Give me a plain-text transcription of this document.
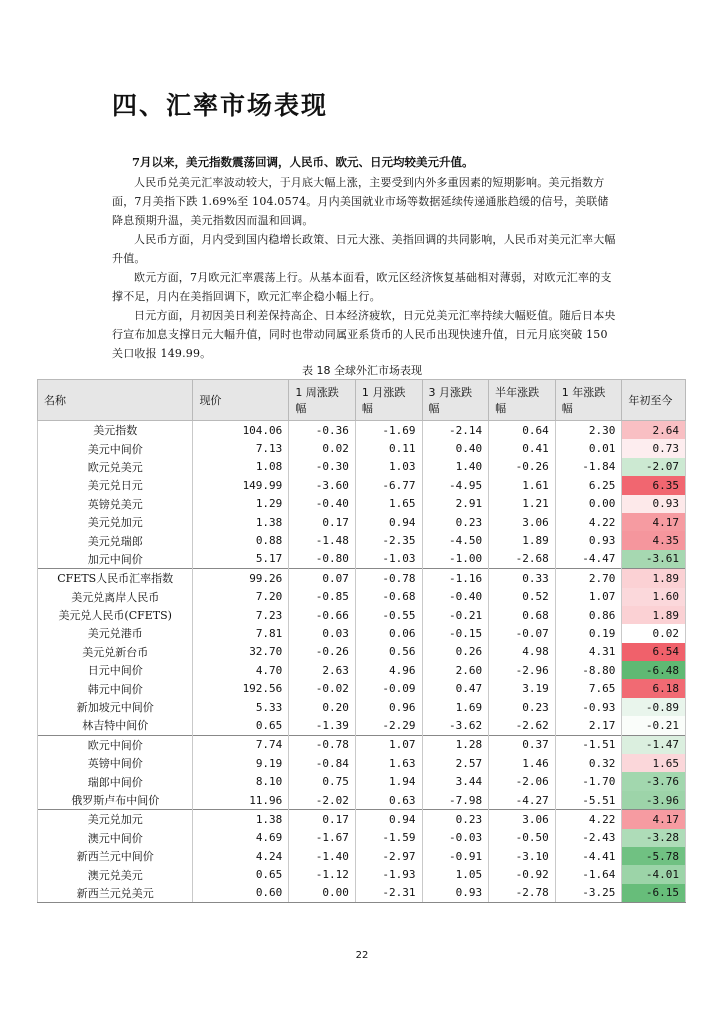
四、汇率市场表现

7月以来，美元指数震荡回调，人民币、欧元、日元均较美元升值。

人民币兑美元汇率波动较大，于月底大幅上涨，主要受到内外多重因素的短期影响。美元指数方面，7月美指下跌 1.69%至 104.0574。月内美国就业市场等数据延续传递通胀趋缓的信号，美联储降息预期升温，美元指数因而温和回调。

人民币方面，月内受到国内稳增长政策、日元大涨、美指回调的共同影响，人民币对美元汇率大幅升值。

欧元方面，7月欧元汇率震荡上行。从基本面看，欧元区经济恢复基础相对薄弱，对欧元汇率的支撑不足，月内在美指回调下，欧元汇率企稳小幅上行。

日元方面，月初因美日利差保持高企、日本经济疲软，日元兑美元汇率持续大幅贬值。随后日本央行宣布加息支撑日元大幅升值，同时也带动同属亚系货币的人民币出现快速升值，日元月底突破 150 关口收报 149.99。

表 18 全球外汇市场表现
名称	现价	1 周涨跌幅	1 月涨跌幅	3 月涨跌幅	半年涨跌幅	1 年涨跌幅	年初至今
美元指数	104.06	-0.36	-1.69	-2.14	0.64	2.30	2.64
美元中间价	7.13	0.02	0.11	0.40	0.41	0.01	0.73
欧元兑美元	1.08	-0.30	1.03	1.40	-0.26	-1.84	-2.07
美元兑日元	149.99	-3.60	-6.77	-4.95	1.61	6.25	6.35
英镑兑美元	1.29	-0.40	1.65	2.91	1.21	0.00	0.93
美元兑加元	1.38	0.17	0.94	0.23	3.06	4.22	4.17
美元兑瑞郎	0.88	-1.48	-2.35	-4.50	1.89	0.93	4.35
加元中间价	5.17	-0.80	-1.03	-1.00	-2.68	-4.47	-3.61
CFETS人民币汇率指数	99.26	0.07	-0.78	-1.16	0.33	2.70	1.89
美元兑离岸人民币	7.20	-0.85	-0.68	-0.40	0.52	1.07	1.60
美元兑人民币(CFETS)	7.23	-0.66	-0.55	-0.21	0.68	0.86	1.89
美元兑港币	7.81	0.03	0.06	-0.15	-0.07	0.19	0.02
美元兑新台币	32.70	-0.26	0.56	0.26	4.98	4.31	6.54
日元中间价	4.70	2.63	4.96	2.60	-2.96	-8.80	-6.48
韩元中间价	192.56	-0.02	-0.09	0.47	3.19	7.65	6.18
新加坡元中间价	5.33	0.20	0.96	1.69	0.23	-0.93	-0.89
林吉特中间价	0.65	-1.39	-2.29	-3.62	-2.62	2.17	-0.21
欧元中间价	7.74	-0.78	1.07	1.28	0.37	-1.51	-1.47
英镑中间价	9.19	-0.84	1.63	2.57	1.46	0.32	1.65
瑞郎中间价	8.10	0.75	1.94	3.44	-2.06	-1.70	-3.76
俄罗斯卢布中间价	11.96	-2.02	0.63	-7.98	-4.27	-5.51	-3.96
美元兑加元	1.38	0.17	0.94	0.23	3.06	4.22	4.17
澳元中间价	4.69	-1.67	-1.59	-0.03	-0.50	-2.43	-3.28
新西兰元中间价	4.24	-1.40	-2.97	-0.91	-3.10	-4.41	-5.78
澳元兑美元	0.65	-1.12	-1.93	1.05	-0.92	-1.64	-4.01
新西兰元兑美元	0.60	0.00	-2.31	0.93	-2.78	-3.25	-6.15
22
